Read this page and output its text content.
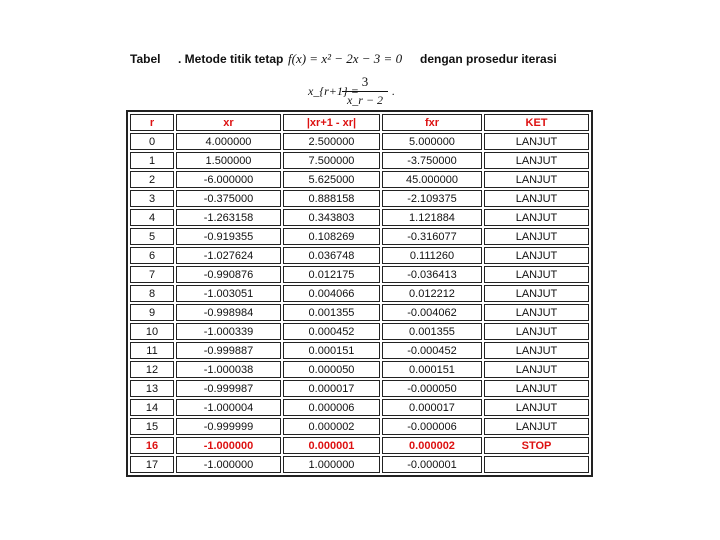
Tabel . Metode titik tetap f(x) = x² − 2x − 3 = 0 dengan prosedur iterasi
x_{r+1} =
3
x_r − 2
.
r	xr	|xr+1 - xr|	fxr	KET
0	4.000000	2.500000	5.000000	LANJUT
1	1.500000	7.500000	-3.750000	LANJUT
2	-6.000000	5.625000	45.000000	LANJUT
3	-0.375000	0.888158	-2.109375	LANJUT
4	-1.263158	0.343803	1.121884	LANJUT
5	-0.919355	0.108269	-0.316077	LANJUT
6	-1.027624	0.036748	0.111260	LANJUT
7	-0.990876	0.012175	-0.036413	LANJUT
8	-1.003051	0.004066	0.012212	LANJUT
9	-0.998984	0.001355	-0.004062	LANJUT
10	-1.000339	0.000452	0.001355	LANJUT
11	-0.999887	0.000151	-0.000452	LANJUT
12	-1.000038	0.000050	0.000151	LANJUT
13	-0.999987	0.000017	-0.000050	LANJUT
14	-1.000004	0.000006	0.000017	LANJUT
15	-0.999999	0.000002	-0.000006	LANJUT
16	-1.000000	0.000001	0.000002	STOP
17	-1.000000	1.000000	-0.000001	
